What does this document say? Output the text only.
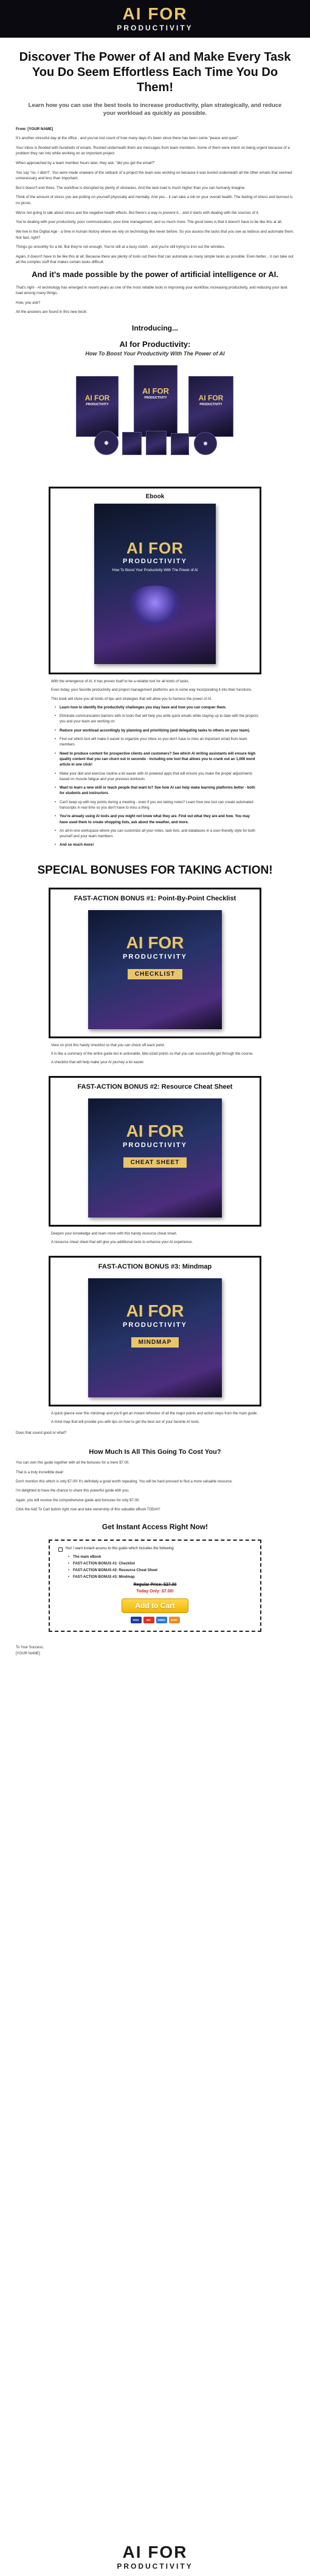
AI FOR
PRODUCTIVITY
Discover The Power of AI and Make Every Task You Do Seem Effortless Each Time You Do Them!

Learn how you can use the best tools to increase productivity, plan strategically, and reduce your workload as quickly as possible.

From: [YOUR NAME]

It's another stressful day at the office , and you've lost count of how many days it's been since there has been some "peace and quiet".

Your inbox is flooded with hundreds of emails. Rushed underneath them are messages from team members. Some of them were intent on being urgent because of a problem they ran into while working on an important project.

When approached by a team member hours later, they ask: "did you get the email?"

You say "no, I didn't". You were made unaware of the setback of a project the team was working on because it was buried underneath all the other emails that seemed unnecessary and less than important.

But it doesn't end there. The workflow is disrupted by plenty of obstacles. And the task load is much higher than you can humanly imagine.

Think of the amount of stress you are putting on yourself physically and mentally. And yes... it can take a toll on your overall health. The feeling of stress and burnout is no picnic.

We're not going to talk about stress and the negative health effects. But there's a way to prevent it... and it starts with dealing with the sources of it.

You're dealing with your productivity, poor communication, poor time management, and so much more. The good news is that it doesn't have to be like this at all.

We live in the Digital Age - a time in human history where we rely on technology like never before. So you assess the tasks that you see as tedious and automate them. Not fast, right?

Things go smoothly for a bit. But they're not enough. You're still at a busy clutch - and you're still trying to iron out the wrinkles.

Again, it doesn't have to be like this at all. Because there are plenty of tools out there that can automate as many simple tasks as possible. Even better... it can take out all the complex stuff that makes certain tasks difficult.

And it's made possible by the power of artificial intelligence or AI.

That's right - AI technology has emerged in recent years as one of the most reliable tools in improving your workflow, increasing productivity, and reducing your task load among many things.

How, you ask?

All the answers are found in this new book:

Introducing...
AI for Productivity:
How To Boost Your Productivity With The Power of AI
AI FOR
PRODUCTIVITY
AI FOR
PRODUCTIVITY	AI FOR
PRODUCTIVITY
Ebook
AI FOR
PRODUCTIVITY
How To Boost Your Productivity With The Power of AI

With the emergence of AI, it has proven itself to be a reliable tool for all kinds of tasks.

Even today, your favorite productivity and project management platforms are in some way incorporating it into their functions.

This book will show you all kinds of tips and strategies that will allow you to harness the power of AI.

• Learn how to identify the productivity challenges you may have and how you can conquer them.
• Eliminate communication barriers with AI tools that will help you write quick emails while staying up to date with the projects you and your team are working on
• Reduce your workload accordingly by planning and prioritizing (and delegating tasks to others on your team).
• Find out which tool will make it easier to organize your inbox so you don't have to miss an important email from team members
• Need to produce content for prospective clients and customers? See which AI writing assistants will ensure high quality content that you can churn out in seconds - including one tool that allows you to crank out an 1,000 word article in one click!
• Make your diet and exercise routine a lot easier with AI powered apps that will ensure you make the proper adjustments based on muscle fatigue and your previous workouts
• Want to learn a new skill or teach people that want to? See how AI can help make learning platforms better - both for students and instructors
• Can't keep up with key points during a meeting - even if you are taking notes? Learn how one tool can create automated transcripts in real time so you don't have to miss a thing
• You're already using AI tools and you might not know what they are. Find out what they are and how. You may have used them to create shopping lists, ask about the weather, and more.
• An all-in-one workspace where you can customize all your notes, task lists, and databases in a user-friendly style for both yourself and your team members
• And so much more!
SPECIAL BONUSES FOR TAKING ACTION!
FAST-ACTION BONUS #1: Point-By-Point Checklist
AI FOR
PRODUCTIVITY
CHECKLIST

View on print this handy checklist so that you can check off each point.

It is like a summary of the entire guide but in actionable, bite-sized points so that you can successfully get through the course.

A checklist that will help make your AI journey a lot easier.

FAST-ACTION BONUS #2: Resource Cheat Sheet
AI FOR
PRODUCTIVITY
CHEAT SHEET

Deepen your knowledge and learn more with this handy resource cheat sheet.

A resource cheat sheet that will give you additional tools to enhance your AI experience.

FAST-ACTION BONUS #3: Mindmap
AI FOR
PRODUCTIVITY
MINDMAP

A quick glance over this mindmap and you'll get an instant refresher of all the major points and action steps from the main guide.

A mind map that will provide you with tips on how to get the best out of your favorite AI tools.

Does that sound good or what?

How Much Is All This Going To Cost You?

You can own this guide together with all the bonuses for a mere $7.00.

That is a truly incredible deal!

Don't mention this which is only $7.00! It's definitely a good worth repeating. You will be hard pressed to find a more valuable resource.

I'm delighted to have the chance to share this powerful guide with you.

Again, you will receive the comprehensive guide and bonuses for only $7.00.

Click the Add To Cart button right now and take ownership of this valuable eBook TODAY!

Get Instant Access Right Now!
Yes! I want instant access to this guide which includes the following:
• The main eBook
• FAST-ACTION BONUS #1: Checklist
• FAST-ACTION BONUS #2: Resource Cheat Sheet
• FAST-ACTION BONUS #3: Mindmap
Regular Price: $27.00
Today Only: $7.00!
Add to Cart
VISA	MC	AMEX	DISC
To Your Success,
[YOUR NAME]
AI FOR
PRODUCTIVITY
